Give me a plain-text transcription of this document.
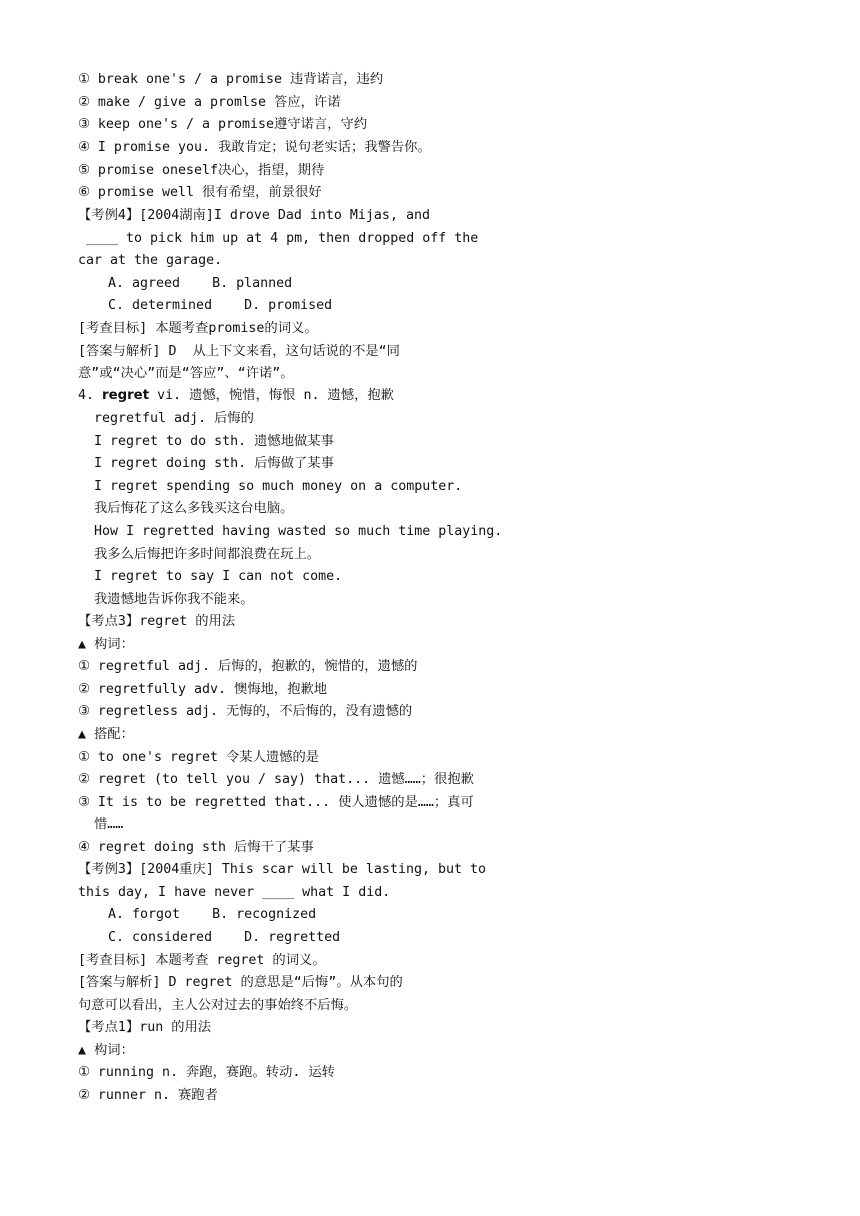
① break one's / a promise 违背诺言，违约
② make / give a promlse 答应，许诺
③ keep one's / a promise遵守诺言，守约
④ I promise you. 我敢肯定；说句老实话；我警告你。
⑤ promise oneself决心，指望，期待
⑥ promise well 很有希望，前景很好
【考例4】[2004湖南]I drove Dad into Mijas, and
____ to pick him up at 4 pm, then dropped off the
car at the garage.
A. agreed    B. planned
C. determined    D. promised
[考查目标] 本题考查promise的词义。
[答案与解析] D  从上下文来看，这句话说的不是“同
意”或“决心”而是“答应”、“许诺”。
4. regret vi. 遗憾，惋惜，悔恨 n. 遗憾，抱歉
regretful adj. 后悔的
I regret to do sth. 遗憾地做某事
I regret doing sth. 后悔做了某事
I regret spending so much money on a computer.
我后悔花了这么多钱买这台电脑。
How I regretted having wasted so much time playing.
我多么后悔把许多时间都浪费在玩上。
I regret to say I can not come.
我遗憾地告诉你我不能来。
【考点3】regret 的用法
▲ 构词：
① regretful adj. 后悔的，抱歉的，惋惜的，遗憾的
② regretfully adv. 懊悔地，抱歉地
③ regretless adj. 无悔的，不后悔的，没有遗憾的
▲ 搭配：
① to one's regret 令某人遗憾的是
② regret (to tell you / say) that... 遗憾……；很抱歉
③ It is to be regretted that... 使人遗憾的是……；真可
惜……
④ regret doing sth 后悔干了某事
【考例3】[2004重庆] This scar will be lasting, but to
this day, I have never ____ what I did.
A. forgot    B. recognized
C. considered    D. regretted
[考查目标] 本题考查 regret 的词义。
[答案与解析] D regret 的意思是“后悔”。从本句的
句意可以看出，主人公对过去的事始终不后悔。
【考点1】run 的用法
▲ 构词：
① running n. 奔跑，赛跑。转动. 运转
② runner n. 赛跑者
